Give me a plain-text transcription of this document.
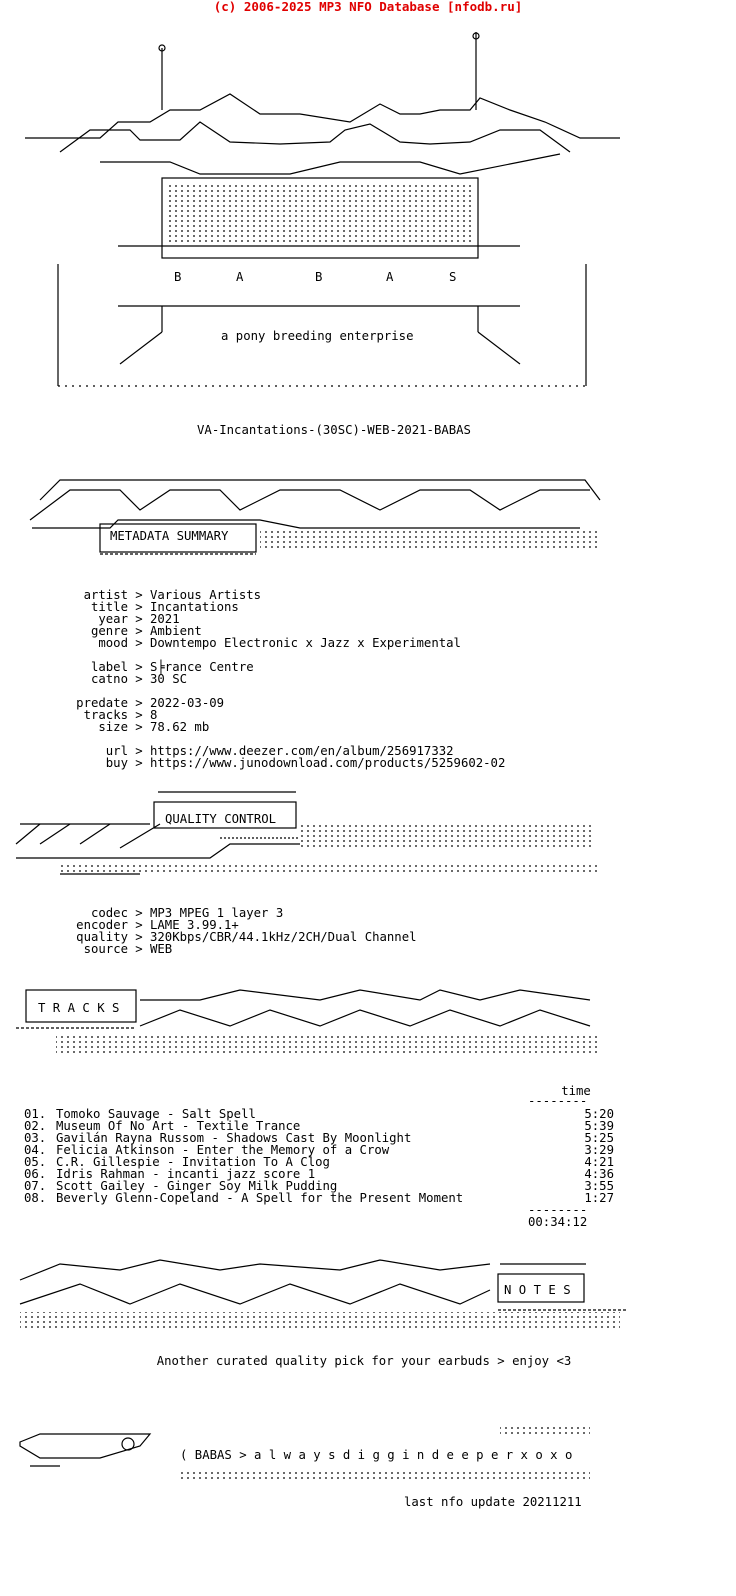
(c) 2006-2025 MP3 NFO Database [nfodb.ru]
B	A	B	A	S
a pony breeding enterprise
VA-Incantations-(30SC)-WEB-2021-BABAS
METADATA SUMMARY
artist > Various Artists
title > Incantations
year > 2021
genre > Ambient
mood > Downtempo Electronic x Jazz x Experimental
label > S╞rance Centre
catno > 30 SC
predate > 2022-03-09
tracks > 8
size > 78.62 mb
url > https://www.deezer.com/en/album/256917332
buy > https://www.junodownload.com/products/5259602-02
QUALITY CONTROL
codec > MP3 MPEG 1 layer 3
encoder > LAME 3.99.1+
quality > 320Kbps/CBR/44.1kHz/2CH/Dual Channel
source > WEB
T R A C K S
time
--------
01. Tomoko Sauvage - Salt Spell	5:20
02. Museum Of No Art - Textile Trance	5:39
03. Gavilán Rayna Russom - Shadows Cast By Moonlight	5:25
04. Felicia Atkinson - Enter the Memory of a Crow	3:29
05. C.R. Gillespie - Invitation To A Clog	4:21
06. Idris Rahman - incanti jazz score 1	4:36
07. Scott Gailey - Ginger Soy Milk Pudding	3:55
08. Beverly Glenn-Copeland - A Spell for the Present Moment	1:27
--------
00:34:12
N O T E S
Another curated quality pick for your earbuds > enjoy <3
( BABAS > a l w a y s d i g g i n d e e p e r x o x o
last nfo update 20211211
